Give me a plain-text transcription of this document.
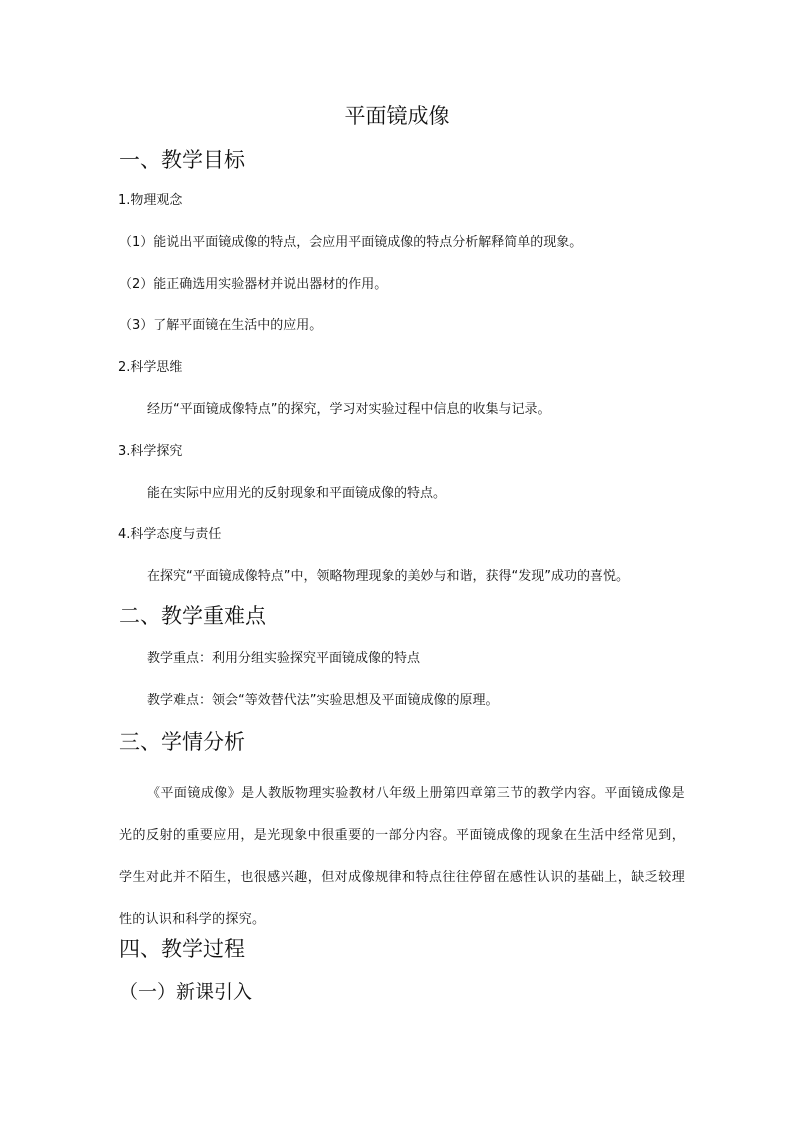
平面镜成像
一、教学目标
1.物理观念
（1）能说出平面镜成像的特点，会应用平面镜成像的特点分析解释简单的现象。
（2）能正确选用实验器材并说出器材的作用。
（3）了解平面镜在生活中的应用。
2.科学思维
经历“平面镜成像特点”的探究，学习对实验过程中信息的收集与记录。
3.科学探究
能在实际中应用光的反射现象和平面镜成像的特点。
4.科学态度与责任
在探究“平面镜成像特点”中，领略物理现象的美妙与和谐，获得“发现”成功的喜悦。
二、教学重难点
教学重点：利用分组实验探究平面镜成像的特点
教学难点：领会“等效替代法”实验思想及平面镜成像的原理。
三、学情分析
《平面镜成像》是人教版物理实验教材八年级上册第四章第三节的教学内容。平面镜成像是光的反射的重要应用，是光现象中很重要的一部分内容。平面镜成像的现象在生活中经常见到，学生对此并不陌生，也很感兴趣，但对成像规律和特点往往停留在感性认识的基础上，缺乏较理性的认识和科学的探究。
四、教学过程
（一）新课引入
